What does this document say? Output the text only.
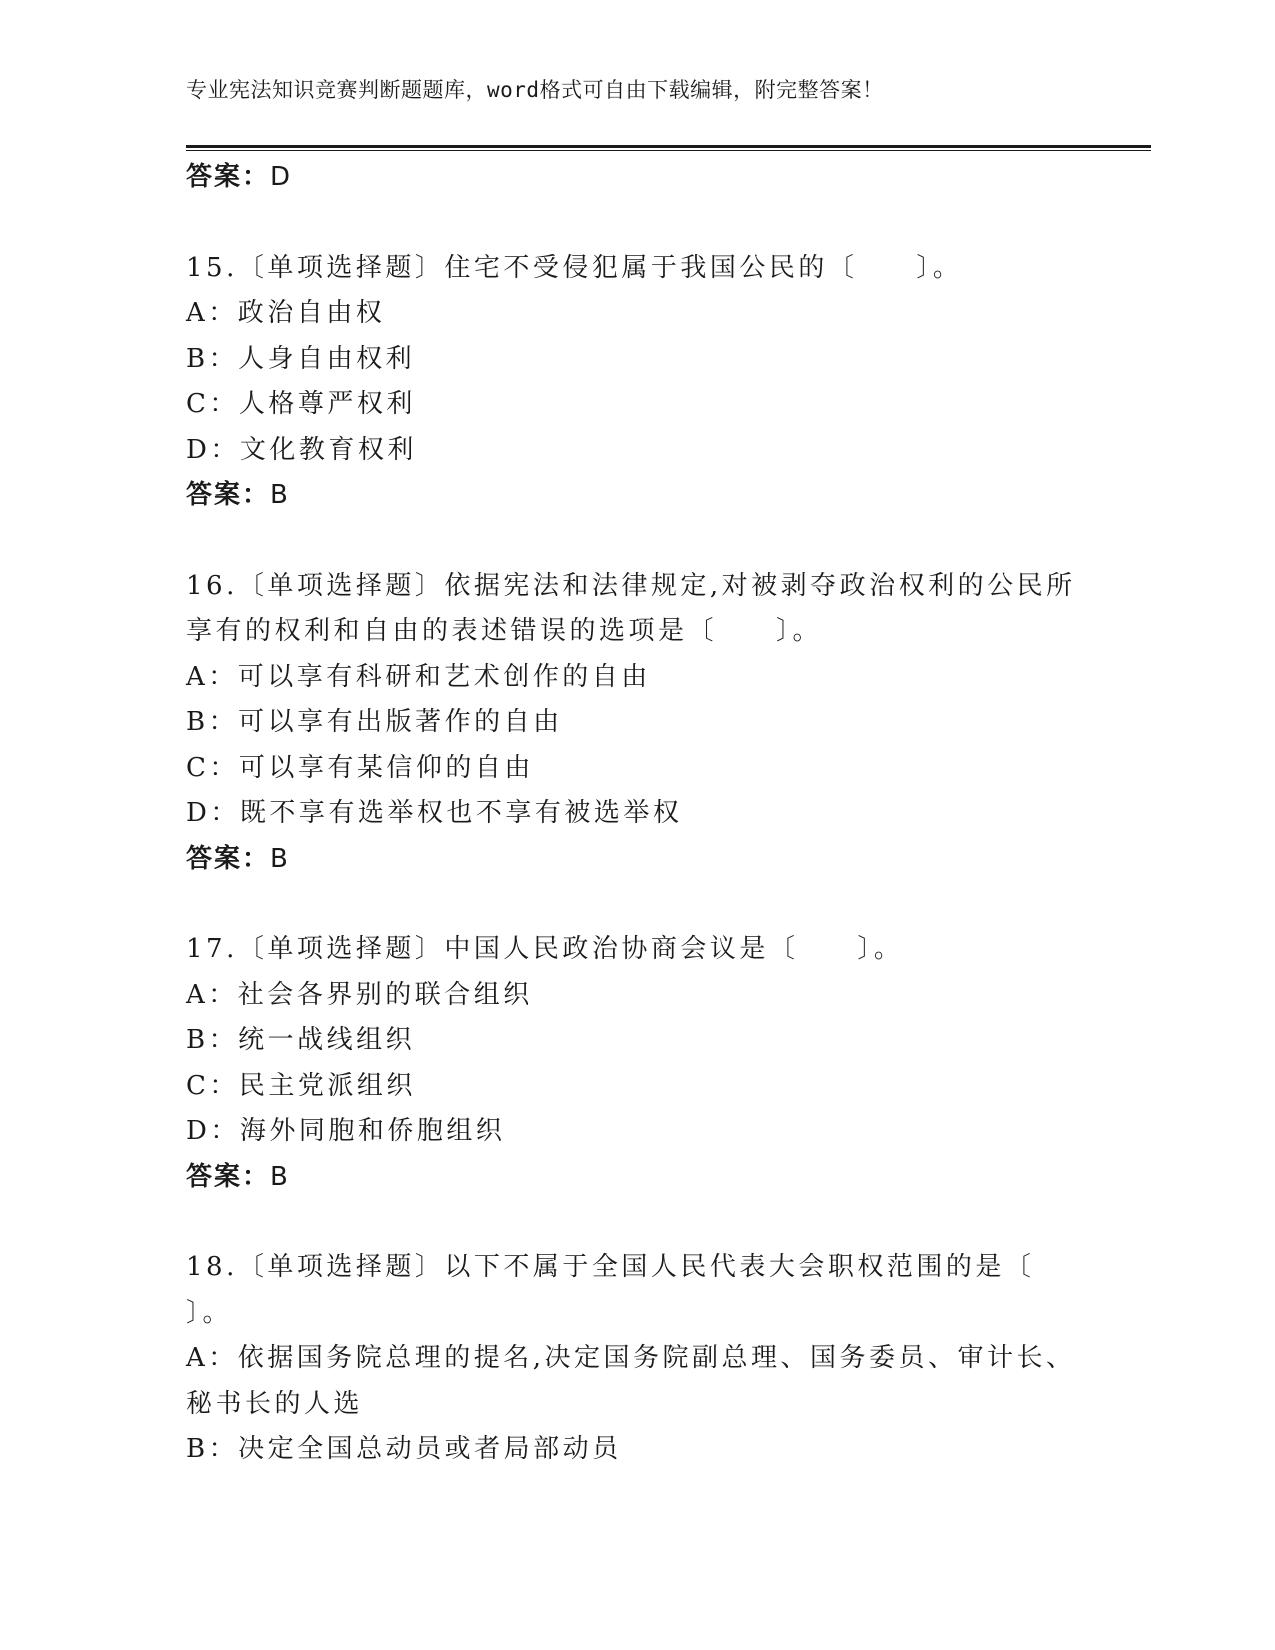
专业宪法知识竞赛判断题题库，word格式可自由下载编辑，附完整答案！
答案：D
15.〔单项选择题〕住宅不受侵犯属于我国公民的〔　　〕。
A：政治自由权
B：人身自由权利
C：人格尊严权利
D：文化教育权利
答案：B
16.〔单项选择题〕依据宪法和法律规定,对被剥夺政治权利的公民所
享有的权利和自由的表述错误的选项是〔　　〕。
A：可以享有科研和艺术创作的自由
B：可以享有出版著作的自由
C：可以享有某信仰的自由
D：既不享有选举权也不享有被选举权
答案：B
17.〔单项选择题〕中国人民政治协商会议是〔　　〕。
A：社会各界别的联合组织
B：统一战线组织
C：民主党派组织
D：海外同胞和侨胞组织
答案：B
18.〔单项选择题〕以下不属于全国人民代表大会职权范围的是〔
〕。
A：依据国务院总理的提名,决定国务院副总理、国务委员、审计长、
秘书长的人选
B：决定全国总动员或者局部动员
